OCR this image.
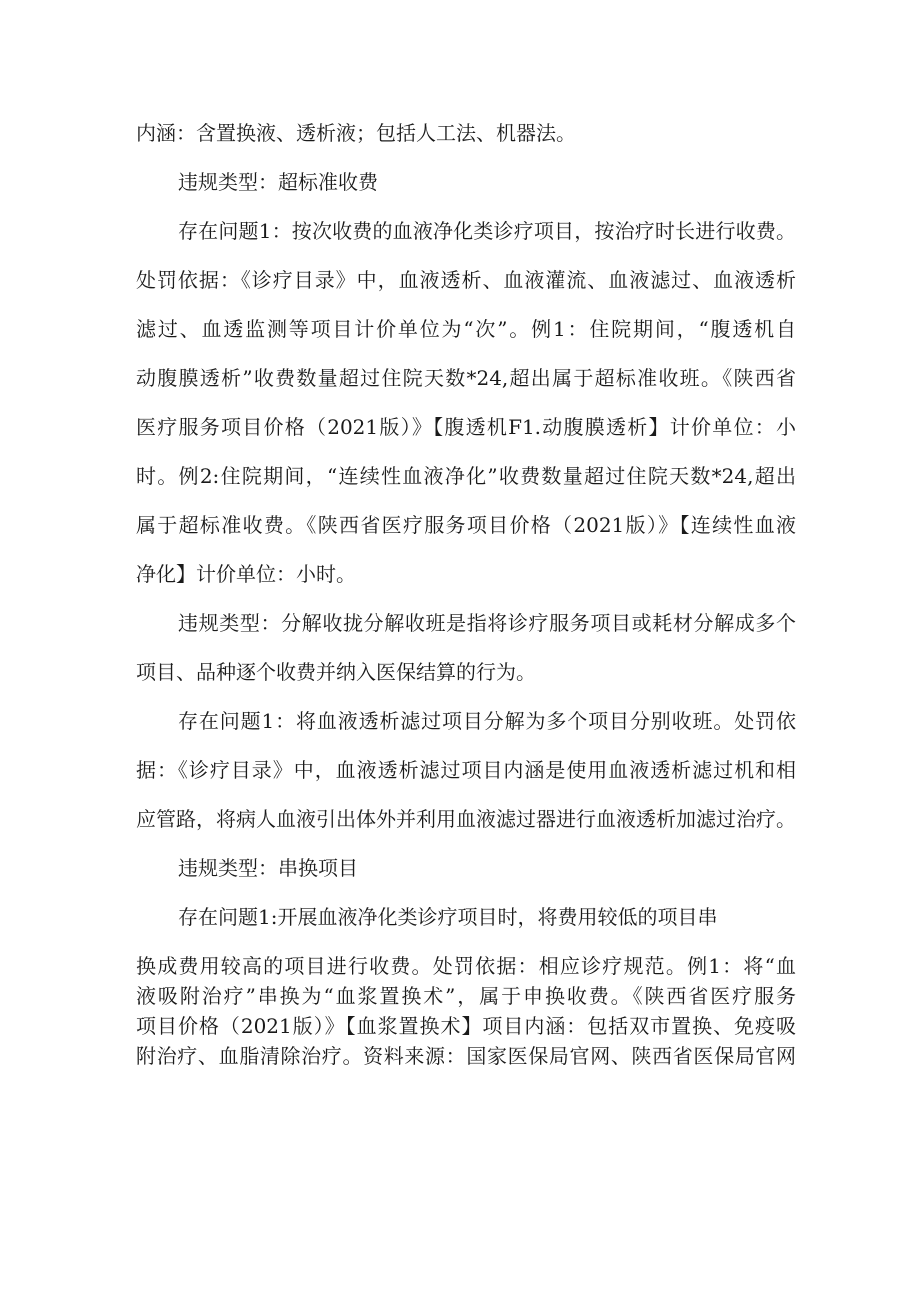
内涵：含置换液、透析液；包括人工法、机器法。
违规类型：超标准收费
存在问题1：按次收费的血液净化类诊疗项目，按治疗时长进行收费。
处罚依据：《诊疗目录》中，血液透析、血液灌流、血液滤过、血液透析
滤过、血透监测等项目计价单位为“次”。例1：住院期间，“腹透机自
动腹膜透析”收费数量超过住院天数*24,超出属于超标准收班。《陕西省
医疗服务项目价格（2021版）》【腹透机F1.动腹膜透析】计价单位：小
时。例2:住院期间，“连续性血液净化”收费数量超过住院天数*24,超出
属于超标准收费。《陕西省医疗服务项目价格（2021版）》【连续性血液
净化】计价单位：小时。
违规类型：分解收拢分解收班是指将诊疗服务项目或耗材分解成多个
项目、品种逐个收费并纳入医保结算的行为。
存在问题1：将血液透析滤过项目分解为多个项目分别收班。处罚依
据：《诊疗目录》中，血液透析滤过项目内涵是使用血液透析滤过机和相
应管路，将病人血液引出体外并利用血液滤过器进行血液透析加滤过治疗。
违规类型：串换项目
存在问题1:开展血液净化类诊疗项目时，将费用较低的项目串
换成费用较高的项目进行收费。处罚依据：相应诊疗规范。例1：将“血
液吸附治疗”串换为“血浆置换术”，属于申换收费。《陕西省医疗服务
项目价格（2021版）》【血浆置换术】项目内涵：包括双市置换、免疫吸
附治疗、血脂清除治疗。资料来源：国家医保局官网、陕西省医保局官网
